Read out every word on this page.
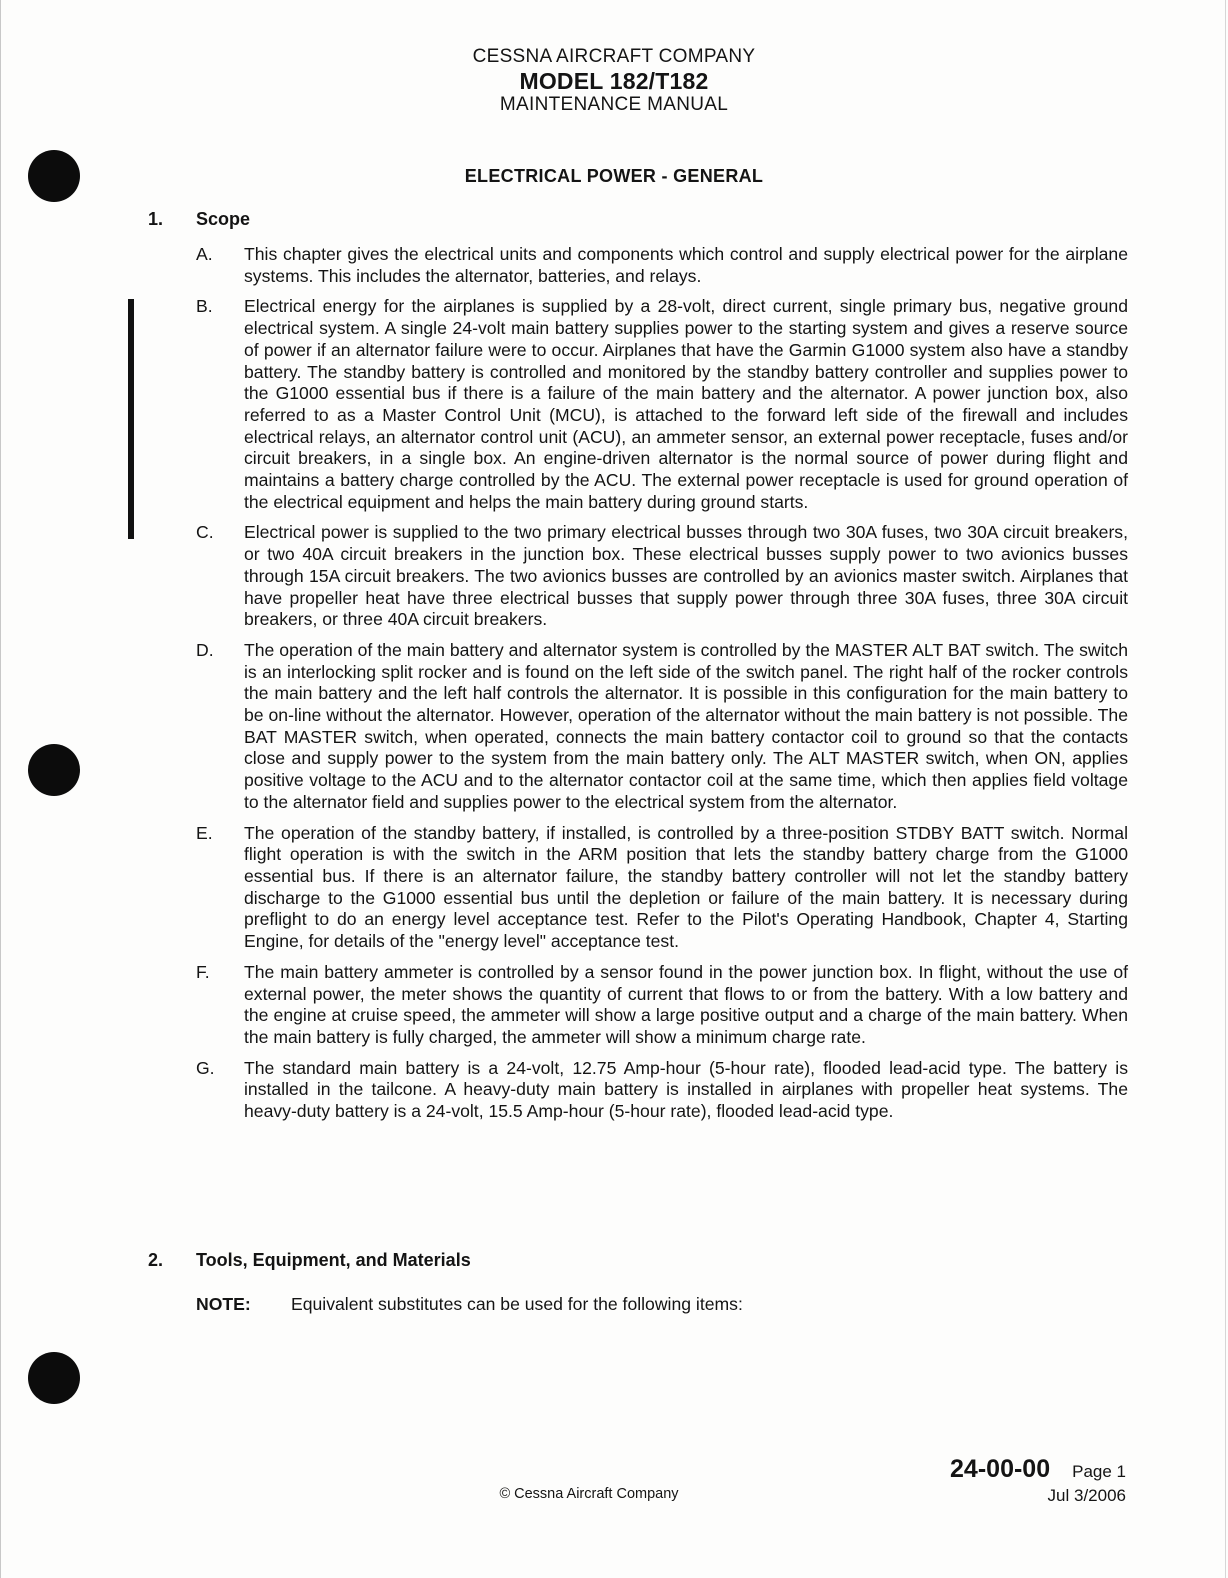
CESSNA AIRCRAFT COMPANY
MODEL 182/T182
MAINTENANCE MANUAL
ELECTRICAL POWER - GENERAL
1. Scope
A.	This chapter gives the electrical units and components which control and supply electrical power for the airplane systems. This includes the alternator, batteries, and relays.
B.	Electrical energy for the airplanes is supplied by a 28-volt, direct current, single primary bus, negative ground electrical system. A single 24-volt main battery supplies power to the starting system and gives a reserve source of power if an alternator failure were to occur. Airplanes that have the Garmin G1000 system also have a standby battery. The standby battery is controlled and monitored by the standby battery controller and supplies power to the G1000 essential bus if there is a failure of the main battery and the alternator. A power junction box, also referred to as a Master Control Unit (MCU), is attached to the forward left side of the firewall and includes electrical relays, an alternator control unit (ACU), an ammeter sensor, an external power receptacle, fuses and/or circuit breakers, in a single box. An engine-driven alternator is the normal source of power during flight and maintains a battery charge controlled by the ACU. The external power receptacle is used for ground operation of the electrical equipment and helps the main battery during ground starts.
C.	Electrical power is supplied to the two primary electrical busses through two 30A fuses, two 30A circuit breakers, or two 40A circuit breakers in the junction box. These electrical busses supply power to two avionics busses through 15A circuit breakers. The two avionics busses are controlled by an avionics master switch. Airplanes that have propeller heat have three electrical busses that supply power through three 30A fuses, three 30A circuit breakers, or three 40A circuit breakers.
D.	The operation of the main battery and alternator system is controlled by the MASTER ALT BAT switch. The switch is an interlocking split rocker and is found on the left side of the switch panel. The right half of the rocker controls the main battery and the left half controls the alternator. It is possible in this configuration for the main battery to be on-line without the alternator. However, operation of the alternator without the main battery is not possible. The BAT MASTER switch, when operated, connects the main battery contactor coil to ground so that the contacts close and supply power to the system from the main battery only. The ALT MASTER switch, when ON, applies positive voltage to the ACU and to the alternator contactor coil at the same time, which then applies field voltage to the alternator field and supplies power to the electrical system from the alternator.
E.	The operation of the standby battery, if installed, is controlled by a three-position STDBY BATT switch. Normal flight operation is with the switch in the ARM position that lets the standby battery charge from the G1000 essential bus. If there is an alternator failure, the standby battery controller will not let the standby battery discharge to the G1000 essential bus until the depletion or failure of the main battery. It is necessary during preflight to do an energy level acceptance test. Refer to the Pilot's Operating Handbook, Chapter 4, Starting Engine, for details of the "energy level" acceptance test.
F.	The main battery ammeter is controlled by a sensor found in the power junction box. In flight, without the use of external power, the meter shows the quantity of current that flows to or from the battery. With a low battery and the engine at cruise speed, the ammeter will show a large positive output and a charge of the main battery. When the main battery is fully charged, the ammeter will show a minimum charge rate.
G.	The standard main battery is a 24-volt, 12.75 Amp-hour (5-hour rate), flooded lead-acid type. The battery is installed in the tailcone. A heavy-duty main battery is installed in airplanes with propeller heat systems. The heavy-duty battery is a 24-volt, 15.5 Amp-hour (5-hour rate), flooded lead-acid type.
2. Tools, Equipment, and Materials
NOTE:	Equivalent substitutes can be used for the following items:
24-00-00 Page 1
Jul 3/2006
© Cessna Aircraft Company
